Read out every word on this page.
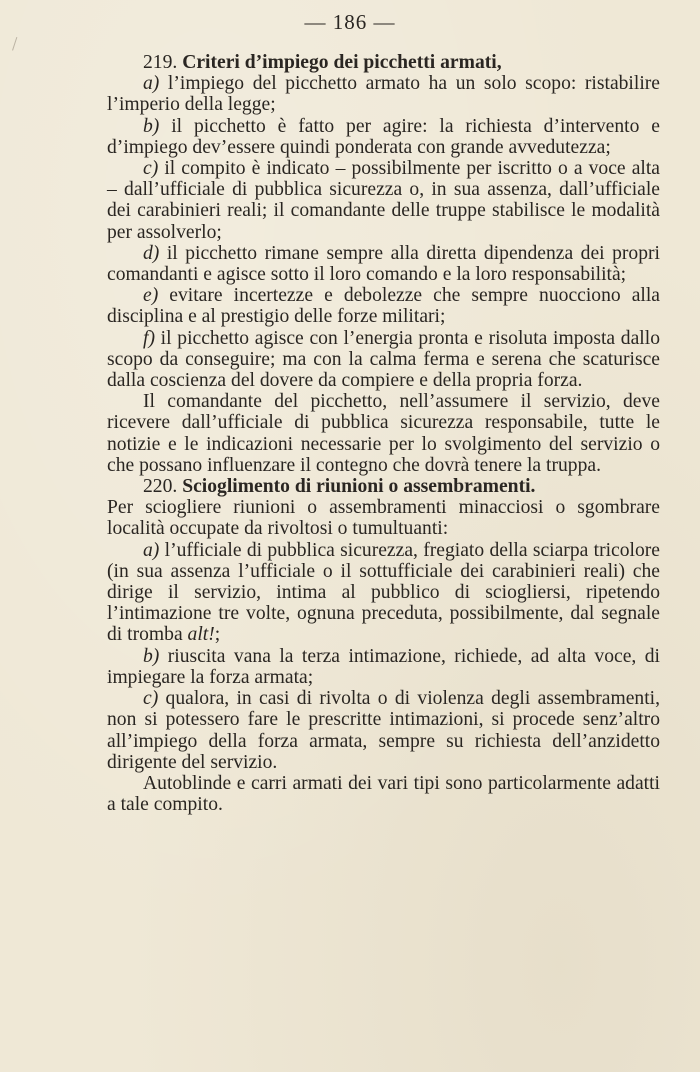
— 186 —

219. Criteri d’impiego dei picchetti armati,

a) l’impiego del picchetto armato ha un solo scopo: ristabilire l’imperio della legge;

b) il picchetto è fatto per agire: la richiesta d’intervento e d’impiego dev’essere quindi ponderata con grande avvedutezza;

c) il compito è indicato – possibilmente per iscritto o a voce alta – dall’ufficiale di pubblica sicurezza o, in sua assenza, dall’ufficiale dei carabinieri reali; il comandante delle truppe stabilisce le modalità per assolverlo;

d) il picchetto rimane sempre alla diretta dipendenza dei propri comandanti e agisce sotto il loro comando e la loro responsabilità;

e) evitare incertezze e debolezze che sempre nuocciono alla disciplina e al prestigio delle forze militari;

f) il picchetto agisce con l’energia pronta e risoluta imposta dallo scopo da conseguire; ma con la calma ferma e serena che scaturisce dalla coscienza del dovere da compiere e della propria forza.

Il comandante del picchetto, nell’assumere il servizio, deve ricevere dall’ufficiale di pubblica sicurezza responsabile, tutte le notizie e le indicazioni necessarie per lo svolgimento del servizio o che possano influenzare il contegno che dovrà tenere la truppa.

220. Scioglimento di riunioni o assembramenti.

Per sciogliere riunioni o assembramenti minacciosi o sgombrare località occupate da rivoltosi o tumultuanti:

a) l’ufficiale di pubblica sicurezza, fregiato della sciarpa tricolore (in sua assenza l’ufficiale o il sottufficiale dei carabinieri reali) che dirige il servizio, intima al pubblico di sciogliersi, ripetendo l’intimazione tre volte, ognuna preceduta, possibilmente, dal segnale di tromba alt!;

b) riuscita vana la terza intimazione, richiede, ad alta voce, di impiegare la forza armata;

c) qualora, in casi di rivolta o di violenza degli assembramenti, non si potessero fare le prescritte intimazioni, si procede senz’altro all’impiego della forza armata, sempre su richiesta dell’anzidetto dirigente del servizio.

Autoblinde e carri armati dei vari tipi sono particolarmente adatti a tale compito.
